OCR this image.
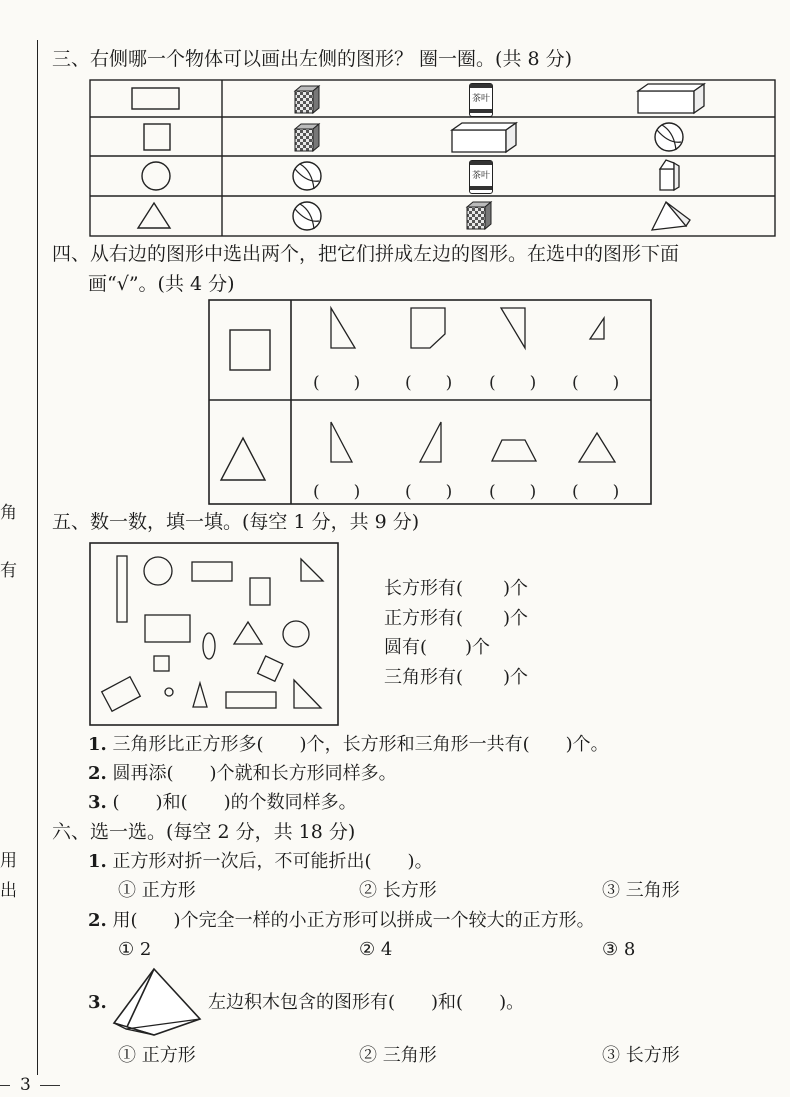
角
有
用
出
三、右侧哪一个物体可以画出左侧的图形？ 圈一圈。(共 8 分)
茶叶
茶叶
四、从右边的图形中选出两个，把它们拼成左边的图形。在选中的图形下面
画“√”。(共 4 分)
(　　)	(　　) (　　) (　　)
(　　)	(　　) (　　) (　　)
五、数一数，填一填。(每空 1 分，共 9 分)
长方形有( )个
正方形有( )个
圆有( )个
三角形有( )个
1. 三角形比正方形多(　　)个，长方形和三角形一共有(　　)个。
2. 圆再添(　　)个就和长方形同样多。
3. (　　)和(　　)的个数同样多。
六、选一选。(每空 2 分，共 18 分)
1. 正方形对折一次后，不可能折出(　　)。
① 正方形	② 长方形	③ 三角形
2. 用(　　)个完全一样的小正方形可以拼成一个较大的正方形。
① 2	② 4	③ 8
3.	左边积木包含的图形有(　　)和(　　)。
① 正方形	② 三角形	③ 长方形
3
